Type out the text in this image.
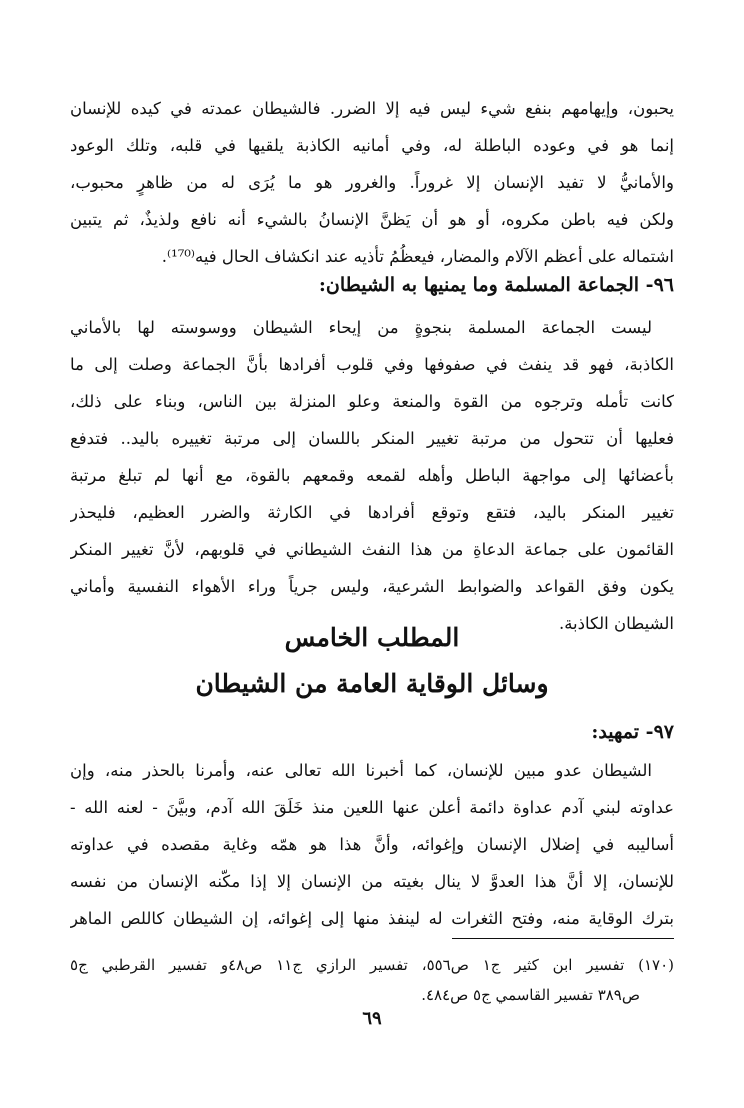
يحبون، وإيهامهم بنفع شيء ليس فيه إلا الضرر. فالشيطان عمدته في كيده للإنسان
إنما هو في وعوده الباطلة له، وفي أمانيه الكاذبة يلقيها في قلبه، وتلك الوعود
والأمانيُّ لا تفيد الإنسان إلا غروراً. والغرور هو ما يُرَى له من ظاهرٍ محبوب،
ولكن فيه باطن مكروه، أو هو أن يَظنَّ الإنسانُ بالشيء أنه نافع ولذيذٌ، ثم يتبين
اشتماله على أعظم الآلام والمضار، فيعظُمُ تأذيه عند انكشاف الحال فيه⁽¹⁷⁰⁾.
٩٦- الجماعة المسلمة وما يمنيها به الشيطان:
ليست الجماعة المسلمة بنجوةٍ من إيحاء الشيطان ووسوسته لها بالأماني
الكاذبة، فهو قد ينفث في صفوفها وفي قلوب أفرادها بأنَّ الجماعة وصلت إلى ما
كانت تأمله وترجوه من القوة والمنعة وعلو المنزلة بين الناس، وبناء على ذلك،
فعليها أن تتحول من مرتبة تغيير المنكر باللسان إلى مرتبة تغييره باليد.. فتدفع
بأعضائها إلى مواجهة الباطل وأهله لقمعه وقمعهم بالقوة، مع أنها لم تبلغ مرتبة
تغيير المنكر باليد، فتقع وتوقع أفرادها في الكارثة والضرر العظيم، فليحذر
القائمون على جماعة الدعاةِ من هذا النفث الشيطاني في قلوبهم، لأنَّ تغيير المنكر
يكون وفق القواعد والضوابط الشرعية، وليس جرياً وراء الأهواء النفسية وأماني
الشيطان الكاذبة.
المطلب الخامس
وسائل الوقاية العامة من الشيطان
٩٧- تمهيد:
الشيطان عدو مبين للإنسان، كما أخبرنا الله تعالى عنه، وأمرنا بالحذر منه، وإن
عداوته لبني آدم عداوة دائمة أعلن عنها اللعين منذ خَلَقَ الله آدم، وبيَّنَ - لعنه الله -
أساليبه في إضلال الإنسان وإغوائه، وأنَّ هذا هو همّه وغاية مقصده في عداوته
للإنسان، إلا أنَّ هذا العدوَّ لا ينال بغيته من الإنسان إلا إذا مكّنه الإنسان من نفسه
بترك الوقاية منه، وفتح الثغرات له لينفذ منها إلى إغوائه، إن الشيطان كاللص الماهر
(١٧٠) تفسير ابن كثير ج١ ص٥٥٦، تفسير الرازي ج١١ ص٤٨و تفسير القرطبي ج٥
ص٣٨٩ تفسير القاسمي ج٥ ص٤٨٤.
٦٩
